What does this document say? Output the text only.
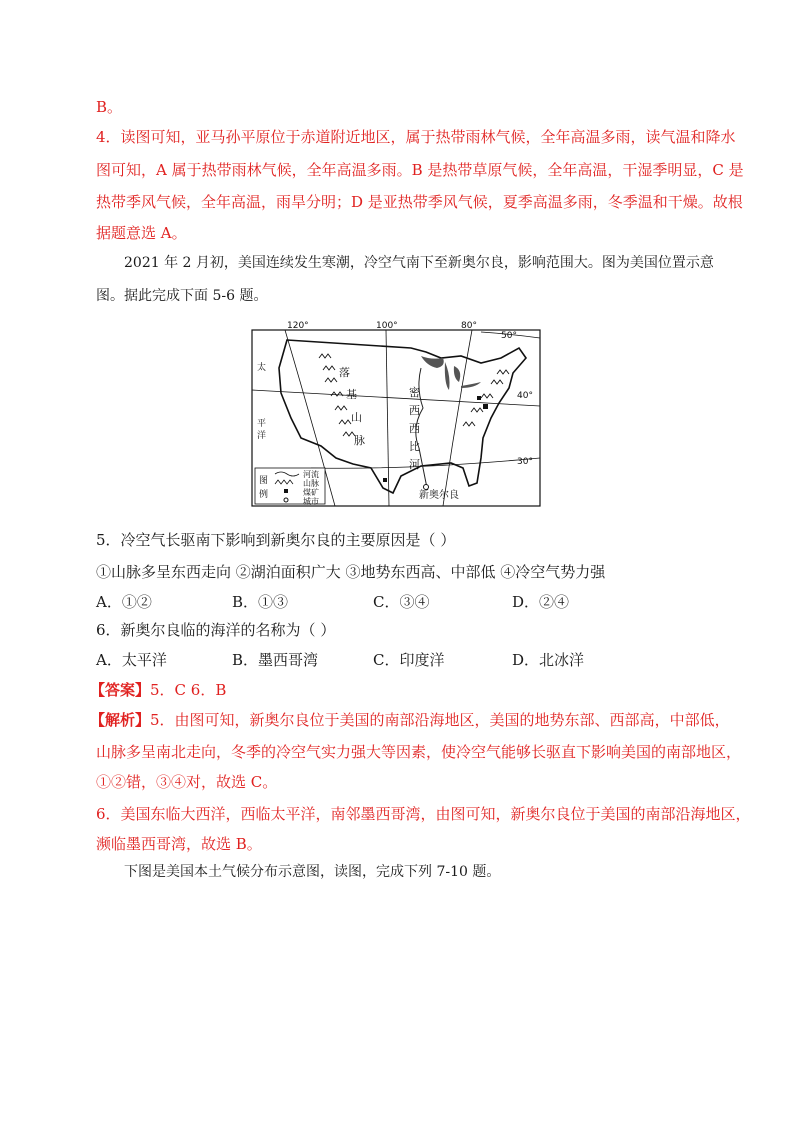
B。
4．读图可知，亚马孙平原位于赤道附近地区，属于热带雨林气候，全年高温多雨，读气温和降水
图可知，A 属于热带雨林气候，全年高温多雨。B 是热带草原气候，全年高温，干湿季明显，C 是
热带季风气候，全年高温，雨旱分明；D 是亚热带季风气候，夏季高温多雨，冬季温和干燥。故根
据题意选 A。
2021 年 2 月初，美国连续发生寒潮，冷空气南下至新奥尔良，影响范围大。图为美国位置示意
图。据此完成下面 5-6 题。
120°	100°	80°
50°
40°
30°
落
基
山
脉
密
西
西
比
河
太
平
洋
新奥尔良
图
例
河流
山脉
煤矿
城市
5．冷空气长驱南下影响到新奥尔良的主要原因是（ ）
①山脉多呈东西走向 ②湖泊面积广大 ③地势东西高、中部低 ④冷空气势力强
A．①②	B．①③	C．③④	D．②④
6．新奥尔良临的海洋的名称为（ ）
A．太平洋	B．墨西哥湾	C．印度洋	D．北冰洋
【答案】5．C 6．B
【解析】5．由图可知，新奥尔良位于美国的南部沿海地区，美国的地势东部、西部高，中部低，
山脉多呈南北走向，冬季的冷空气实力强大等因素，使冷空气能够长驱直下影响美国的南部地区，
①②错，③④对，故选 C。
6．美国东临大西洋，西临太平洋，南邻墨西哥湾，由图可知，新奥尔良位于美国的南部沿海地区，
濒临墨西哥湾，故选 B。
下图是美国本土气候分布示意图，读图，完成下列 7-10 题。
